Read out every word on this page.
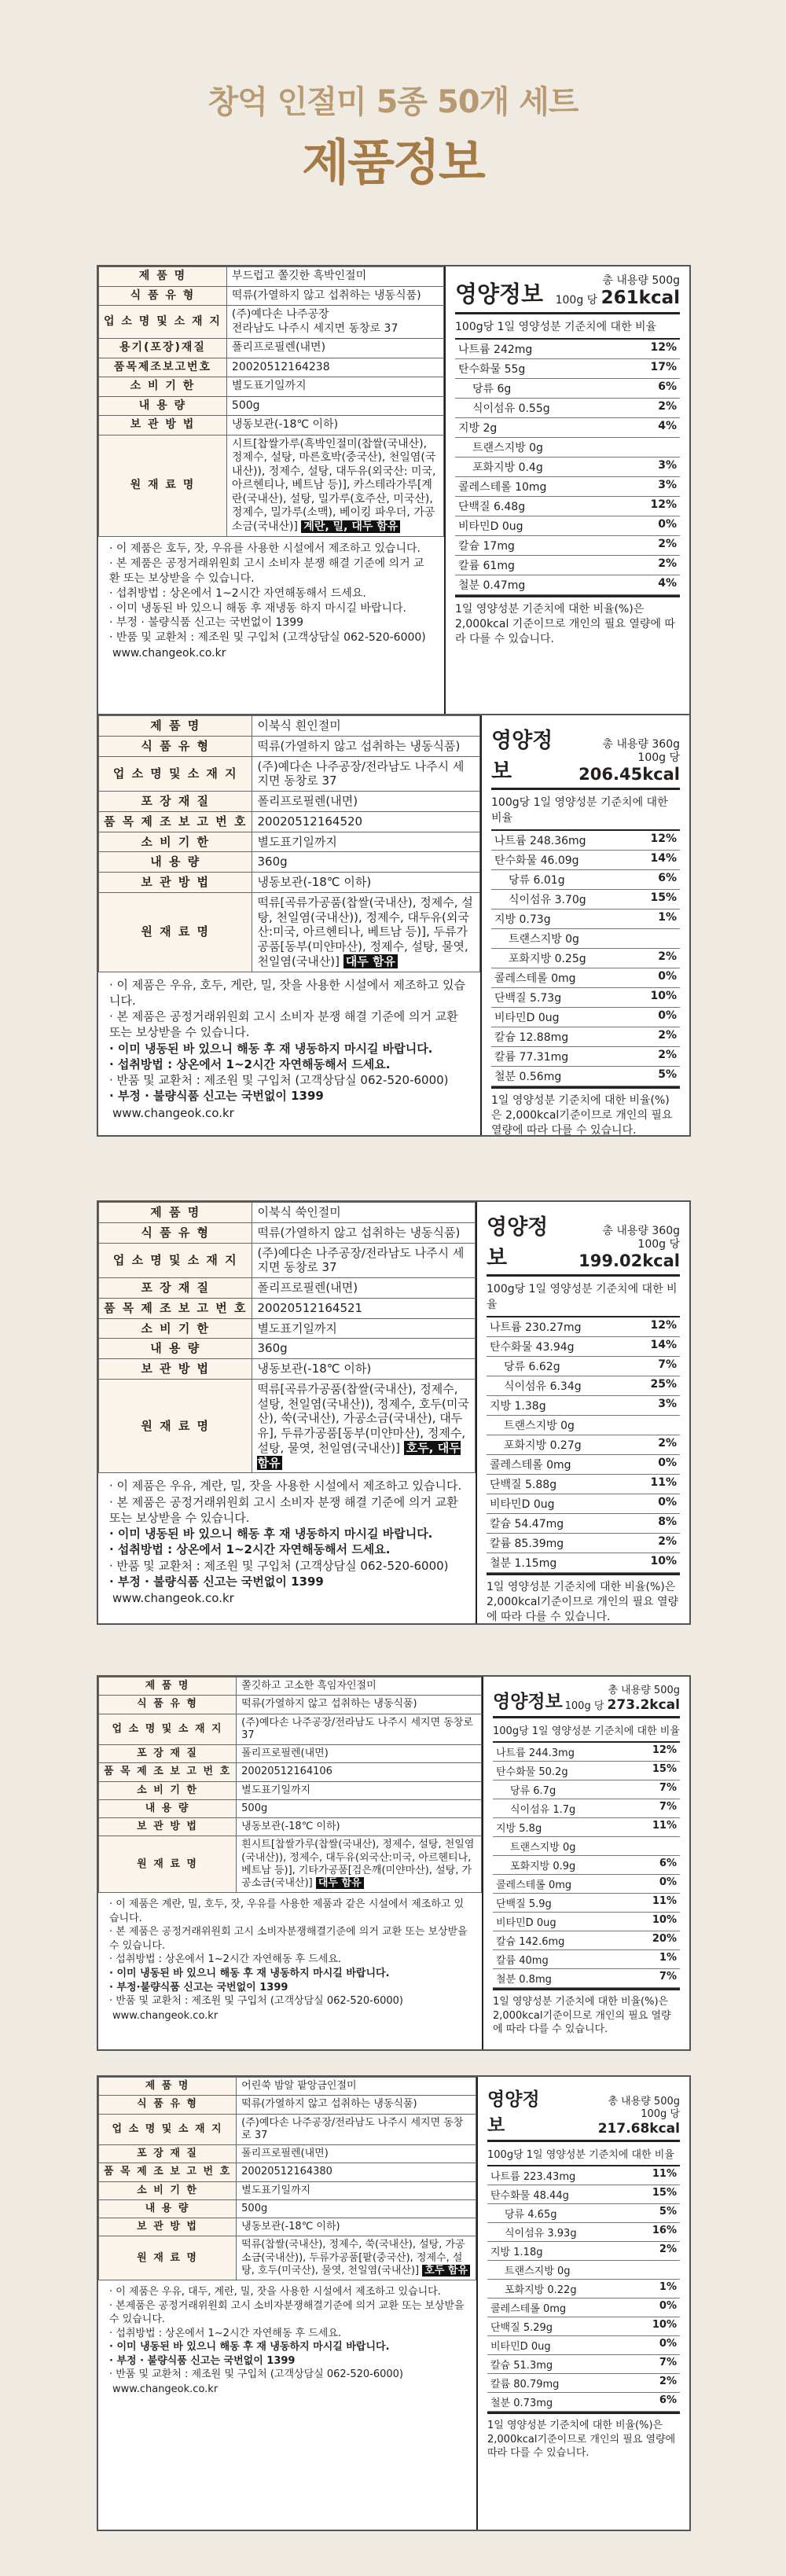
창억 인절미 5종 50개 세트
제품정보
제 품 명	부드럽고 쫄깃한 흑박인절미
식 품 유 형	떡류(가열하지 않고 섭취하는 냉동식품)
업 소 명 및 소 재 지	(주)예다손 나주공장
전라남도 나주시 세지면 동창로 37
용기(포장)재질	폴리프로필렌(내면)
품목제조보고번호	20020512164238
소 비 기 한	별도표기일까지
내 용 량	500g
보 관 방 법	냉동보관(-18℃ 이하)
원 재 료 명	시트[찹쌀가루(흑박인절미(찹쌀(국내산), 정제수, 설탕, 마른호박(중국산), 천일염(국내산)), 정제수, 설탕, 대두유(외국산: 미국, 아르헨티나, 베트남 등)], 카스테라가루[계란(국내산), 설탕, 밀가루(호주산, 미국산), 정제수, 밀가루(소맥), 베이킹 파우더, 가공소금(국내산)] 계란, 밀, 대두 함유
· 이 제품은 호두, 잣, 우유를 사용한 시설에서 제조하고 있습니다.
· 본 제품은 공정거래위원회 고시 소비자 분쟁 해결 기준에 의거 교환 또는 보상받을 수 있습니다.
· 섭취방법 : 상온에서 1~2시간 자연해동해서 드세요.
· 이미 냉동된 바 있으니 해동 후 재냉동 하지 마시길 바랍니다.
· 부정 · 불량식품 신고는 국번없이 1399
· 반품 및 교환처 : 제조원 및 구입처 (고객상담실 062-520-6000)
www.changeok.co.kr
영양정보
총 내용량 500g
100g 당 261kcal
100g당 1일 영양성분 기준치에 대한 비율
나트륨 242mg	12%
탄수화물 55g	17%
당류 6g	6%
식이섬유 0.55g	2%
지방 2g	4%
트랜스지방 0g
포화지방 0.4g	3%
콜레스테롤 10mg	3%
단백질 6.48g	12%
비타민D 0ug	0%
칼슘 17mg	2%
칼륨 61mg	2%
철분 0.47mg	4%
1일 영양성분 기준치에 대한 비율(%)은 2,000kcal 기준이므로 개인의 필요 열량에 따라 다를 수 있습니다.
제 품 명	이북식 흰인절미
식 품 유 형	떡류(가열하지 않고 섭취하는 냉동식품)
업 소 명 및 소 재 지	(주)예다손 나주공장/전라남도 나주시 세지면 동창로 37
포 장 재 질	폴리프로필렌(내면)
품 목 제 조 보 고 번 호	20020512164520
소 비 기 한	별도표기일까지
내 용 량	360g
보 관 방 법	냉동보관(-18℃ 이하)
원 재 료 명	떡류[곡류가공품(찹쌀(국내산), 정제수, 설탕, 천일염(국내산)), 정제수, 대두유(외국산:미국, 아르헨티나, 베트남 등)], 두류가공품[동부(미얀마산), 정제수, 설탕, 물엿, 천일염(국내산)] 대두 함유
· 이 제품은 우유, 호두, 게란, 밀, 잣을 사용한 시설에서 제조하고 있습니다.
· 본 제품은 공정거래위원회 고시 소비자 분쟁 해결 기준에 의거 교환 또는 보상받을 수 있습니다.
· 이미 냉동된 바 있으니 해동 후 재 냉동하지 마시길 바랍니다.
· 섭취방법 : 상온에서 1~2시간 자연해동해서 드세요.
· 반품 및 교환처 : 제조원 및 구입처 (고객상담실 062-520-6000)
· 부정 · 불량식품 신고는 국번없이 1399
www.changeok.co.kr
영양정보
총 내용량 360g
100g 당 206.45kcal
100g당 1일 영양성분 기준치에 대한 비율
나트륨 248.36mg	12%
탄수화물 46.09g	14%
당류 6.01g	6%
식이섬유 3.70g	15%
지방 0.73g	1%
트랜스지방 0g
포화지방 0.25g	2%
콜레스테롤 0mg	0%
단백질 5.73g	10%
비타민D 0ug	0%
칼슘 12.88mg	2%
칼륨 77.31mg	2%
철분 0.56mg	5%
1일 영양성분 기준치에 대한 비율(%)은 2,000kcal기준이므로 개인의 필요 열량에 따라 다를 수 있습니다.
제 품 명	이북식 쑥인절미
식 품 유 형	떡류(가열하지 않고 섭취하는 냉동식품)
업 소 명 및 소 재 지	(주)예다손 나주공장/전라남도 나주시 세지면 동창로 37
포 장 재 질	폴리프로필렌(내면)
품 목 제 조 보 고 번 호	20020512164521
소 비 기 한	별도표기일까지
내 용 량	360g
보 관 방 법	냉동보관(-18℃ 이하)
원 재 료 명	떡류[곡류가공품(찹쌀(국내산), 정제수, 설탕, 천일염(국내산)), 정제수, 호두(미국산), 쑥(국내산), 가공소금(국내산), 대두유], 두류가공품[동부(미얀마산), 정제수, 설탕, 물엿, 천일염(국내산)] 호두, 대두 함유
· 이 제품은 우유, 계란, 밀, 잣을 사용한 시설에서 제조하고 있습니다.
· 본 제품은 공정거래위원회 고시 소비자 분쟁 해결 기준에 의거 교환 또는 보상받을 수 있습니다.
· 이미 냉동된 바 있으니 해동 후 재 냉동하지 마시길 바랍니다.
· 섭취방법 : 상온에서 1~2시간 자연해동해서 드세요.
· 반품 및 교환처 : 제조원 및 구입처 (고객상담실 062-520-6000)
· 부정 · 불량식품 신고는 국번없이 1399
www.changeok.co.kr
영양정보
총 내용량 360g
100g 당 199.02kcal
100g당 1일 영양성분 기준치에 대한 비율
나트륨 230.27mg	12%
탄수화물 43.94g	14%
당류 6.62g	7%
식이섬유 6.34g	25%
지방 1.38g	3%
트랜스지방 0g
포화지방 0.27g	2%
콜레스테롤 0mg	0%
단백질 5.88g	11%
비타민D 0ug	0%
칼슘 54.47mg	8%
칼륨 85.39mg	2%
철분 1.15mg	10%
1일 영양성분 기준치에 대한 비율(%)은 2,000kcal기준이므로 개인의 필요 열량에 따라 다를 수 있습니다.
제 품 명	쫄깃하고 고소한 흑임자인절미
식 품 유 형	떡류(가열하지 않고 섭취하는 냉동식품)
업 소 명 및 소 재 지	(주)예다손 나주공장/전라남도 나주시 세지면 동창로 37
포 장 재 질	폴리프로필렌(내면)
품 목 제 조 보 고 번 호	20020512164106
소 비 기 한	별도표기일까지
내 용 량	500g
보 관 방 법	냉동보관(-18℃ 이하)
원 재 료 명	흰시트[찹쌀가루(찹쌀(국내산), 정제수, 설탕, 천일염(국내산)), 정제수, 대두유(외국산:미국, 아르헨티나, 베트남 등)], 기타가공품[검은깨(미얀마산), 설탕, 가공소금(국내산)] 대두 함유
· 이 제품은 계란, 밀, 호두, 잣, 우유를 사용한 제품과 같은 시설에서 제조하고 있습니다.
· 본 제품은 공정거래위원회 고시 소비자분쟁해결기준에 의거 교환 또는 보상받을 수 있습니다.
· 섭취방법 : 상온에서 1~2시간 자연해동 후 드세요.
· 이미 냉동된 바 있으니 해동 후 재 냉동하지 마시길 바랍니다.
· 부정·불량식품 신고는 국번없이 1399
· 반품 및 교환처 : 제조원 및 구입처 (고객상담실 062-520-6000)
www.changeok.co.kr
영양정보
총 내용량 500g
100g 당 273.2kcal
100g당 1일 영양성분 기준치에 대한 비율
나트륨 244.3mg	12%
탄수화물 50.2g	15%
당류 6.7g	7%
식이섬유 1.7g	7%
지방 5.8g	11%
트랜스지방 0g
포화지방 0.9g	6%
콜레스테롤 0mg	0%
단백질 5.9g	11%
비타민D 0ug	10%
칼슘 142.6mg	20%
칼륨 40mg	1%
철분 0.8mg	7%
1일 영양성분 기준치에 대한 비율(%)은 2,000kcal기준이므로 개인의 필요 열량에 따라 다를 수 있습니다.
제 품 명	어린쑥 밤알 팥앙금인절미
식 품 유 형	떡류(가열하지 않고 섭취하는 냉동식품)
업 소 명 및 소 재 지	(주)예다손 나주공장/전라남도 나주시 세지면 동창로 37
포 장 재 질	폴리프로필렌(내면)
품 목 제 조 보 고 번 호	20020512164380
소 비 기 한	별도표기일까지
내 용 량	500g
보 관 방 법	냉동보관(-18℃ 이하)
원 재 료 명	떡류(찹쌀(국내산), 정제수, 쑥(국내산), 설탕, 가공소금(국내산)), 두류가공품[팥(중국산), 정제수, 설탕, 호두(미국산), 물엿, 천일염(국내산)] 호두 함유
· 이 제품은 우유, 대두, 계란, 밀, 잣을 사용한 시설에서 제조하고 있습니다.
· 본제품은 공정거래위원회 고시 소비자분쟁해결기준에 의거 교환 또는 보상받을 수 있습니다.
· 섭취방법 : 상온에서 1~2시간 자연해동 후 드세요.
· 이미 냉동된 바 있으니 해동 후 재 냉동하지 마시길 바랍니다.
· 부정 · 불량식품 신고는 국번없이 1399
· 반품 및 교환처 : 제조원 및 구입처 (고객상담실 062-520-6000)
www.changeok.co.kr
영양정보
총 내용량 500g
100g 당 217.68kcal
100g당 1일 영양성분 기준치에 대한 비율
나트륨 223.43mg	11%
탄수화물 48.44g	15%
당류 4.65g	5%
식이섬유 3.93g	16%
지방 1.18g	2%
트랜스지방 0g
포화지방 0.22g	1%
콜레스테롤 0mg	0%
단백질 5.29g	10%
비타민D 0ug	0%
칼슘 51.3mg	7%
칼륨 80.79mg	2%
철분 0.73mg	6%
1일 영양성분 기준치에 대한 비율(%)은 2,000kcal기준이므로 개인의 필요 열량에 따라 다를 수 있습니다.
